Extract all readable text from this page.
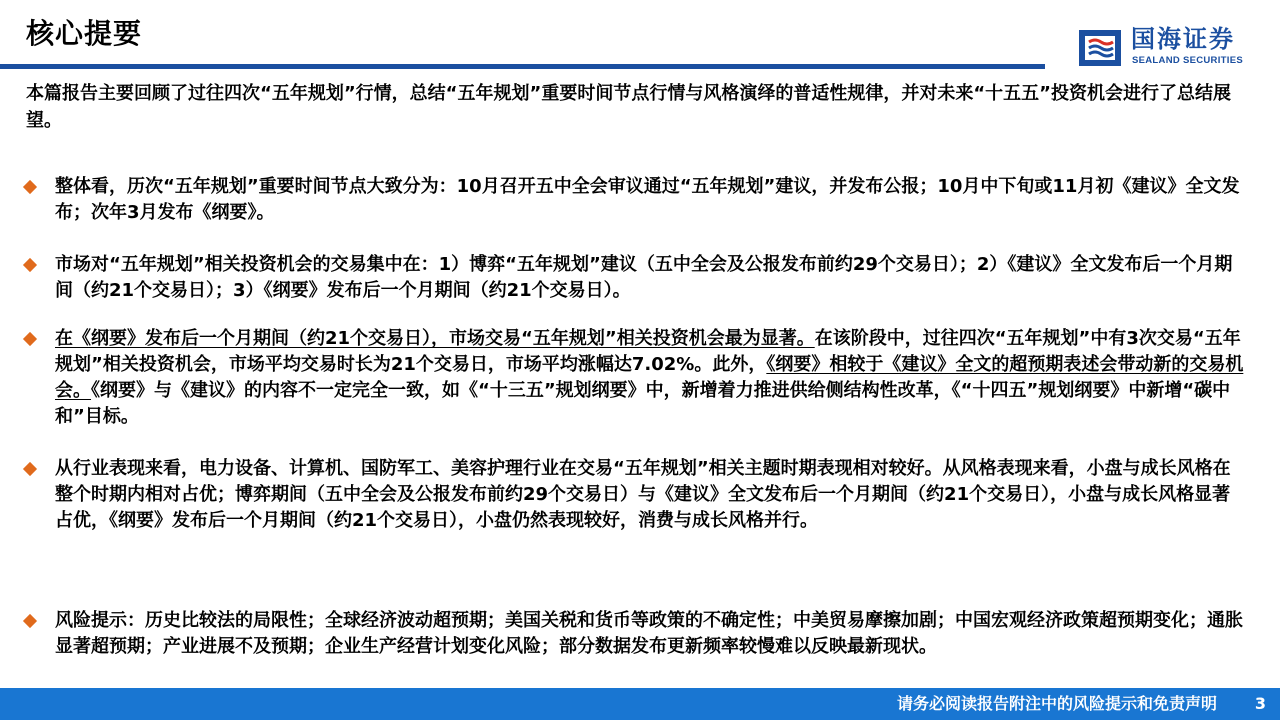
核心提要	国海证券
SEALAND SECURITIES
本篇报告主要回顾了过往四次“五年规划”行情，总结“五年规划”重要时间节点行情与风格演绎的普适性规律，并对未来“十五五”投资机会进行了总结展望。
整体看，历次“五年规划”重要时间节点大致分为：10月召开五中全会审议通过“五年规划”建议，并发布公报；10月中下旬或11月初《建议》全文发布；次年3月发布《纲要》。
市场对“五年规划”相关投资机会的交易集中在：1）博弈“五年规划”建议（五中全会及公报发布前约29个交易日）；2）《建议》全文发布后一个月期间（约21个交易日）；3）《纲要》发布后一个月期间（约21个交易日）。
在《纲要》发布后一个月期间（约21个交易日），市场交易“五年规划”相关投资机会最为显著。在该阶段中，过往四次“五年规划”中有3次交易“五年规划”相关投资机会，市场平均交易时长为21个交易日，市场平均涨幅达7.02%。此外，《纲要》相较于《建议》全文的超预期表述会带动新的交易机会。《纲要》与《建议》的内容不一定完全一致，如《“十三五”规划纲要》中，新增着力推进供给侧结构性改革，《“十四五”规划纲要》中新增“碳中和”目标。
从行业表现来看，电力设备、计算机、国防军工、美容护理行业在交易“五年规划”相关主题时期表现相对较好。从风格表现来看，小盘与成长风格在整个时期内相对占优；博弈期间（五中全会及公报发布前约29个交易日）与《建议》全文发布后一个月期间（约21个交易日），小盘与成长风格显著占优，《纲要》发布后一个月期间（约21个交易日），小盘仍然表现较好，消费与成长风格并行。
风险提示：历史比较法的局限性；全球经济波动超预期；美国关税和货币等政策的不确定性；中美贸易摩擦加剧；中国宏观经济政策超预期变化；通胀显著超预期；产业进展不及预期；企业生产经营计划变化风险；部分数据发布更新频率较慢难以反映最新现状。
请务必阅读报告附注中的风险提示和免责声明 3
